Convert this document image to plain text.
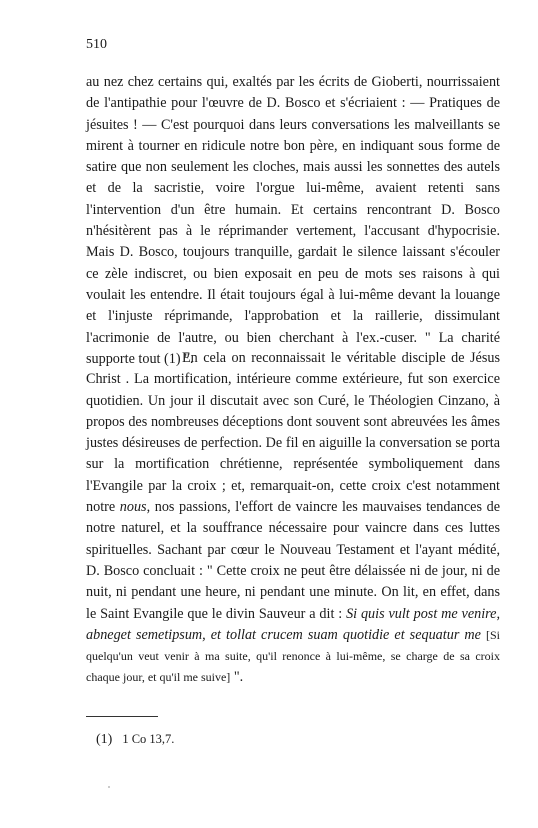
510

au nez chez certains qui, exaltés par les écrits de Gioberti, nourrissaient de l'antipathie pour l'œuvre de D. Bosco et s'écriaient : — Pratiques de jésuites ! — C'est pourquoi dans leurs conversations les malveillants se mirent à tourner en ridicule notre bon père, en indiquant sous forme de satire que non seulement les cloches, mais aussi les sonnettes des autels et de la sacristie, voire l'orgue lui-même, avaient retenti sans l'intervention d'un être humain. Et certains rencontrant D. Bosco n'hésitèrent pas à le réprimander vertement, l'accusant d'hypocrisie. Mais D. Bosco, toujours tranquille, gardait le silence laissant s'écouler ce zèle indiscret, ou bien exposait en peu de mots ses raisons à qui voulait les entendre. Il était toujours égal à lui-même devant la louange et l'injuste réprimande, l'approbation et la raillerie, dissimulant l'acrimonie de l'autre, ou bien cherchant à l'ex.-cuser. " La charité supporte tout (1) ".

En cela on reconnaissait le véritable disciple de Jésus Christ . La mortification, intérieure comme extérieure, fut son exercice quotidien. Un jour il discutait avec son Curé, le Théologien Cinzano, à propos des nombreuses déceptions dont souvent sont abreuvées les âmes justes désireuses de perfection. De fil en aiguille la conversation se porta sur la mortification chrétienne, représentée symboliquement dans l'Evangile par la croix ; et, remarquait-on, cette croix c'est notamment notre nous, nos passions, l'effort de vaincre les mauvaises tendances de notre naturel, et la souffrance nécessaire pour vaincre dans ces luttes spirituelles. Sachant par cœur le Nouveau Testament et l'ayant médité, D. Bosco concluait : " Cette croix ne peut être délaissée ni de jour, ni de nuit, ni pendant une heure, ni pendant une minute. On lit, en effet, dans le Saint Evangile que le divin Sauveur a dit : Si quis vult post me venire, abneget semetipsum, et tollat crucem suam quotidie et sequatur me [Si quelqu'un veut venir à ma suite, qu'il renonce à lui-même, se charge de sa croix chaque jour, et qu'il me suive] ".

(1) 1 Co 13,7.
